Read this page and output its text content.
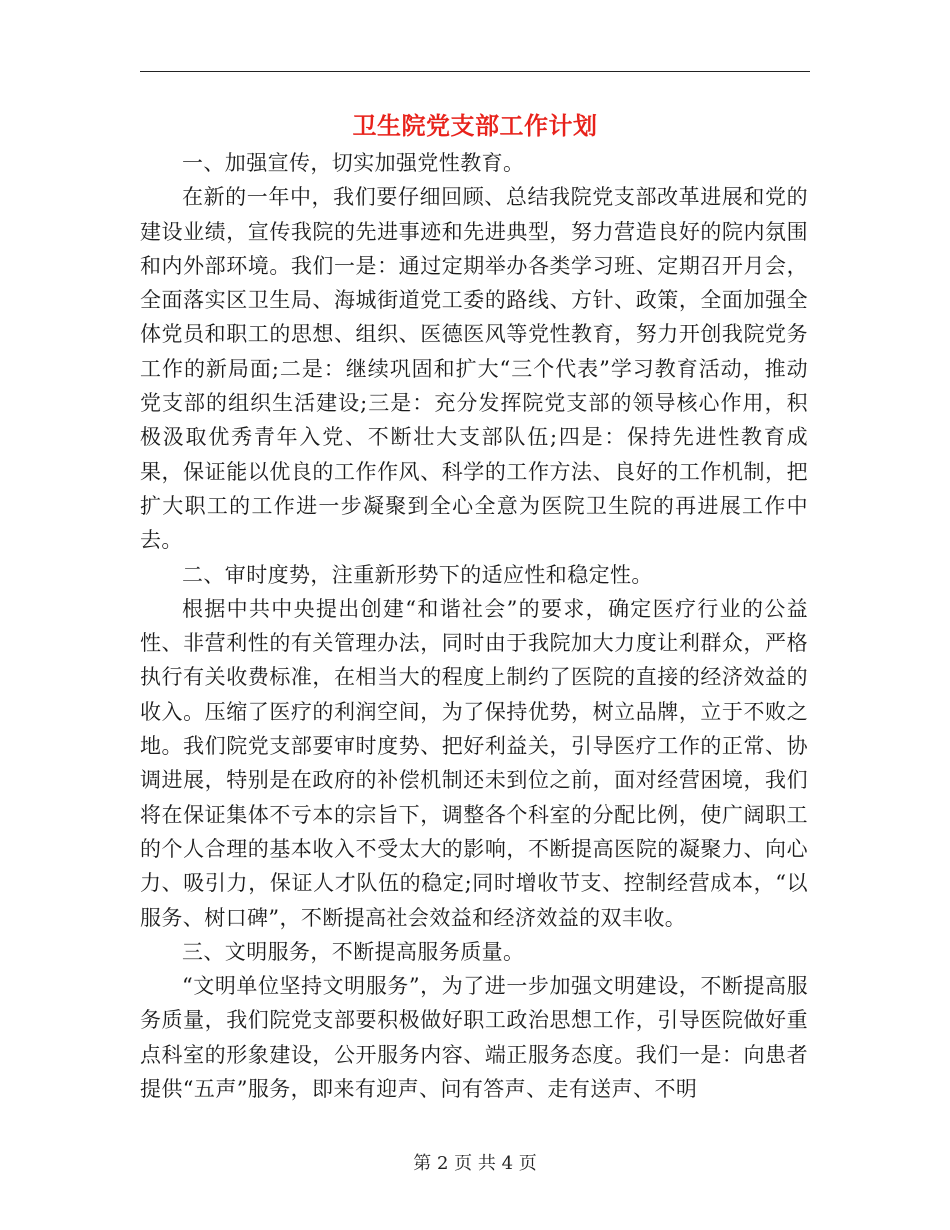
卫生院党支部工作计划

一、加强宣传，切实加强党性教育。

在新的一年中，我们要仔细回顾、总结我院党支部改革进展和党的建设业绩，宣传我院的先进事迹和先进典型，努力营造良好的院内氛围和内外部环境。我们一是：通过定期举办各类学习班、定期召开月会，全面落实区卫生局、海城街道党工委的路线、方针、政策，全面加强全体党员和职工的思想、组织、医德医风等党性教育，努力开创我院党务工作的新局面;二是：继续巩固和扩大“三个代表”学习教育活动，推动党支部的组织生活建设;三是：充分发挥院党支部的领导核心作用，积极汲取优秀青年入党、不断壮大支部队伍;四是：保持先进性教育成果，保证能以优良的工作作风、科学的工作方法、良好的工作机制，把扩大职工的工作进一步凝聚到全心全意为医院卫生院的再进展工作中去。

二、审时度势，注重新形势下的适应性和稳定性。

根据中共中央提出创建“和谐社会”的要求，确定医疗行业的公益性、非营利性的有关管理办法，同时由于我院加大力度让利群众，严格执行有关收费标准，在相当大的程度上制约了医院的直接的经济效益的收入。压缩了医疗的利润空间，为了保持优势，树立品牌，立于不败之地。我们院党支部要审时度势、把好利益关，引导医疗工作的正常、协调进展，特别是在政府的补偿机制还未到位之前，面对经营困境，我们将在保证集体不亏本的宗旨下，调整各个科室的分配比例，使广阔职工的个人合理的基本收入不受太大的影响，不断提高医院的凝聚力、向心力、吸引力，保证人才队伍的稳定;同时增收节支、控制经营成本，“以服务、树口碑”，不断提高社会效益和经济效益的双丰收。

三、文明服务，不断提高服务质量。

“文明单位坚持文明服务”，为了进一步加强文明建设，不断提高服务质量，我们院党支部要积极做好职工政治思想工作，引导医院做好重点科室的形象建设，公开服务内容、端正服务态度。我们一是：向患者提供“五声”服务，即来有迎声、问有答声、走有送声、不明

第 2 页 共 4 页
